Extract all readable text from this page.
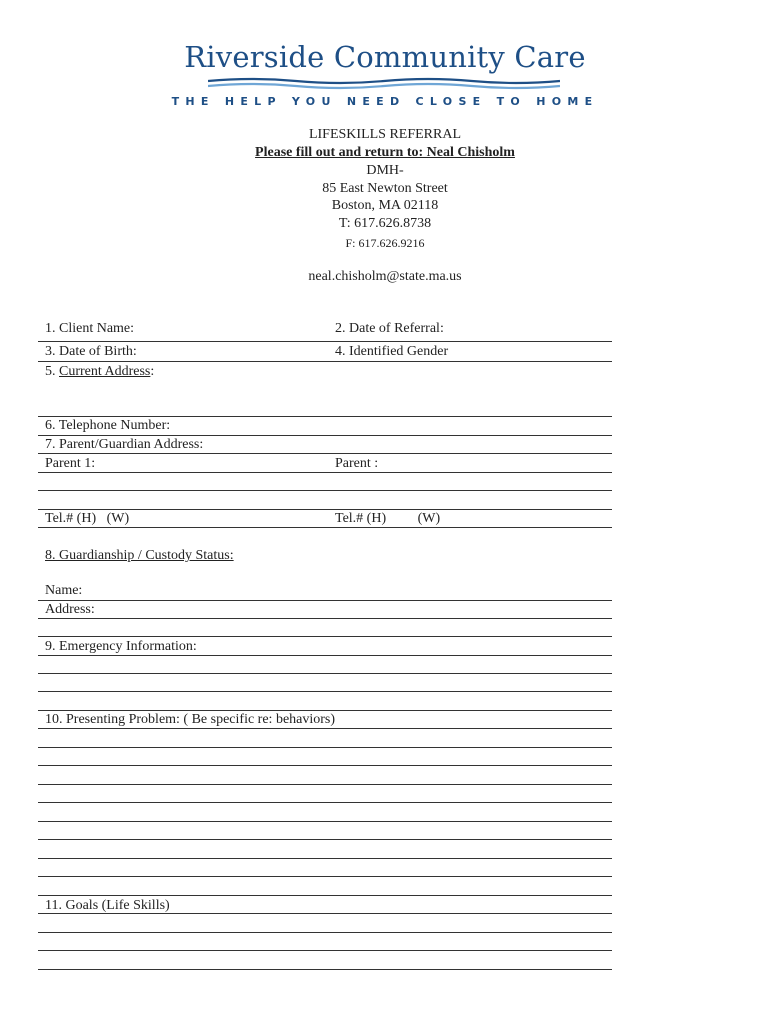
Riverside Community Care
THE HELP YOU NEED CLOSE TO HOME
LIFESKILLS REFERRAL
Please fill out and return to: Neal Chisholm
DMH-
85 East Newton Street
Boston, MA 02118
T: 617.626.8738
F: 617.626.9216
neal.chisholm@state.ma.us
1. Client Name:	2. Date of Referral:
3. Date of Birth:	4. Identified Gender
5. Current Address:
6. Telephone Number:
7. Parent/Guardian Address:
Parent 1:	Parent :
Tel.# (H)   (W)	Tel.# (H)         (W)
8. Guardianship / Custody Status:
Name:
Address:
9. Emergency Information:
10. Presenting Problem: ( Be specific re: behaviors)
11. Goals (Life Skills)
